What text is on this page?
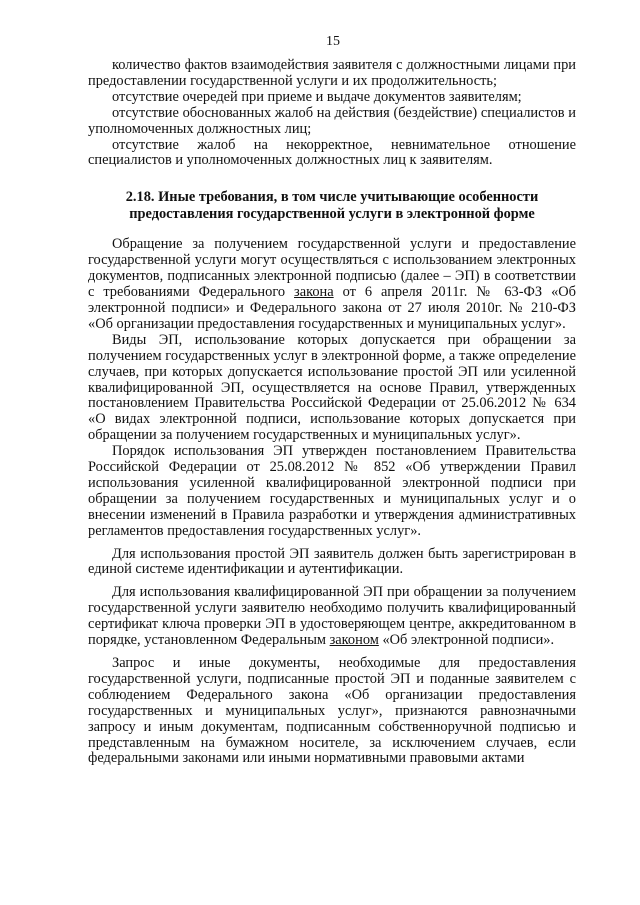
15

количество фактов взаимодействия заявителя с должностными лицами при предоставлении государственной услуги и их продолжительность;

отсутствие очередей при приеме и выдаче документов заявителям;

отсутствие обоснованных жалоб на действия (бездействие) специалистов и уполномоченных должностных лиц;

отсутствие жалоб на некорректное, невнимательное отношение специалистов и уполномоченных должностных лиц к заявителям.

2.18. Иные требования, в том числе учитывающие особенности
предоставления государственной услуги в электронной форме

Обращение за получением государственной услуги и предоставление государственной услуги могут осуществляться с использованием электронных документов, подписанных электронной подписью (далее – ЭП) в соответствии с требованиями Федерального закона от 6 апреля 2011г. № 63-ФЗ «Об электронной подписи» и Федерального закона от 27 июля 2010г. № 210-ФЗ «Об организации предоставления государственных и муниципальных услуг».

Виды ЭП, использование которых допускается при обращении за получением государственных услуг в электронной форме, а также определение случаев, при которых допускается использование простой ЭП или усиленной квалифицированной ЭП, осуществляется на основе Правил, утвержденных постановлением Правительства Российской Федерации от 25.06.2012 № 634 «О видах электронной подписи, использование которых допускается при обращении за получением государственных и муниципальных услуг».

Порядок использования ЭП утвержден постановлением Правительства Российской Федерации от 25.08.2012 № 852 «Об утверждении Правил использования усиленной квалифицированной электронной подписи при обращении за получением государственных и муниципальных услуг и о внесении изменений в Правила разработки и утверждения административных регламентов предоставления государственных услуг».

Для использования простой ЭП заявитель должен быть зарегистрирован в единой системе идентификации и аутентификации.

Для использования квалифицированной ЭП при обращении за получением государственной услуги заявителю необходимо получить квалифицированный сертификат ключа проверки ЭП в удостоверяющем центре, аккредитованном в порядке, установленном Федеральным законом «Об электронной подписи».

Запрос и иные документы, необходимые для предоставления государственной услуги, подписанные простой ЭП и поданные заявителем с соблюдением Федерального закона «Об организации предоставления государственных и муниципальных услуг», признаются равнозначными запросу и иным документам, подписанным собственноручной подписью и представленным на бумажном носителе, за исключением случаев, если федеральными законами или иными нормативными правовыми актами
